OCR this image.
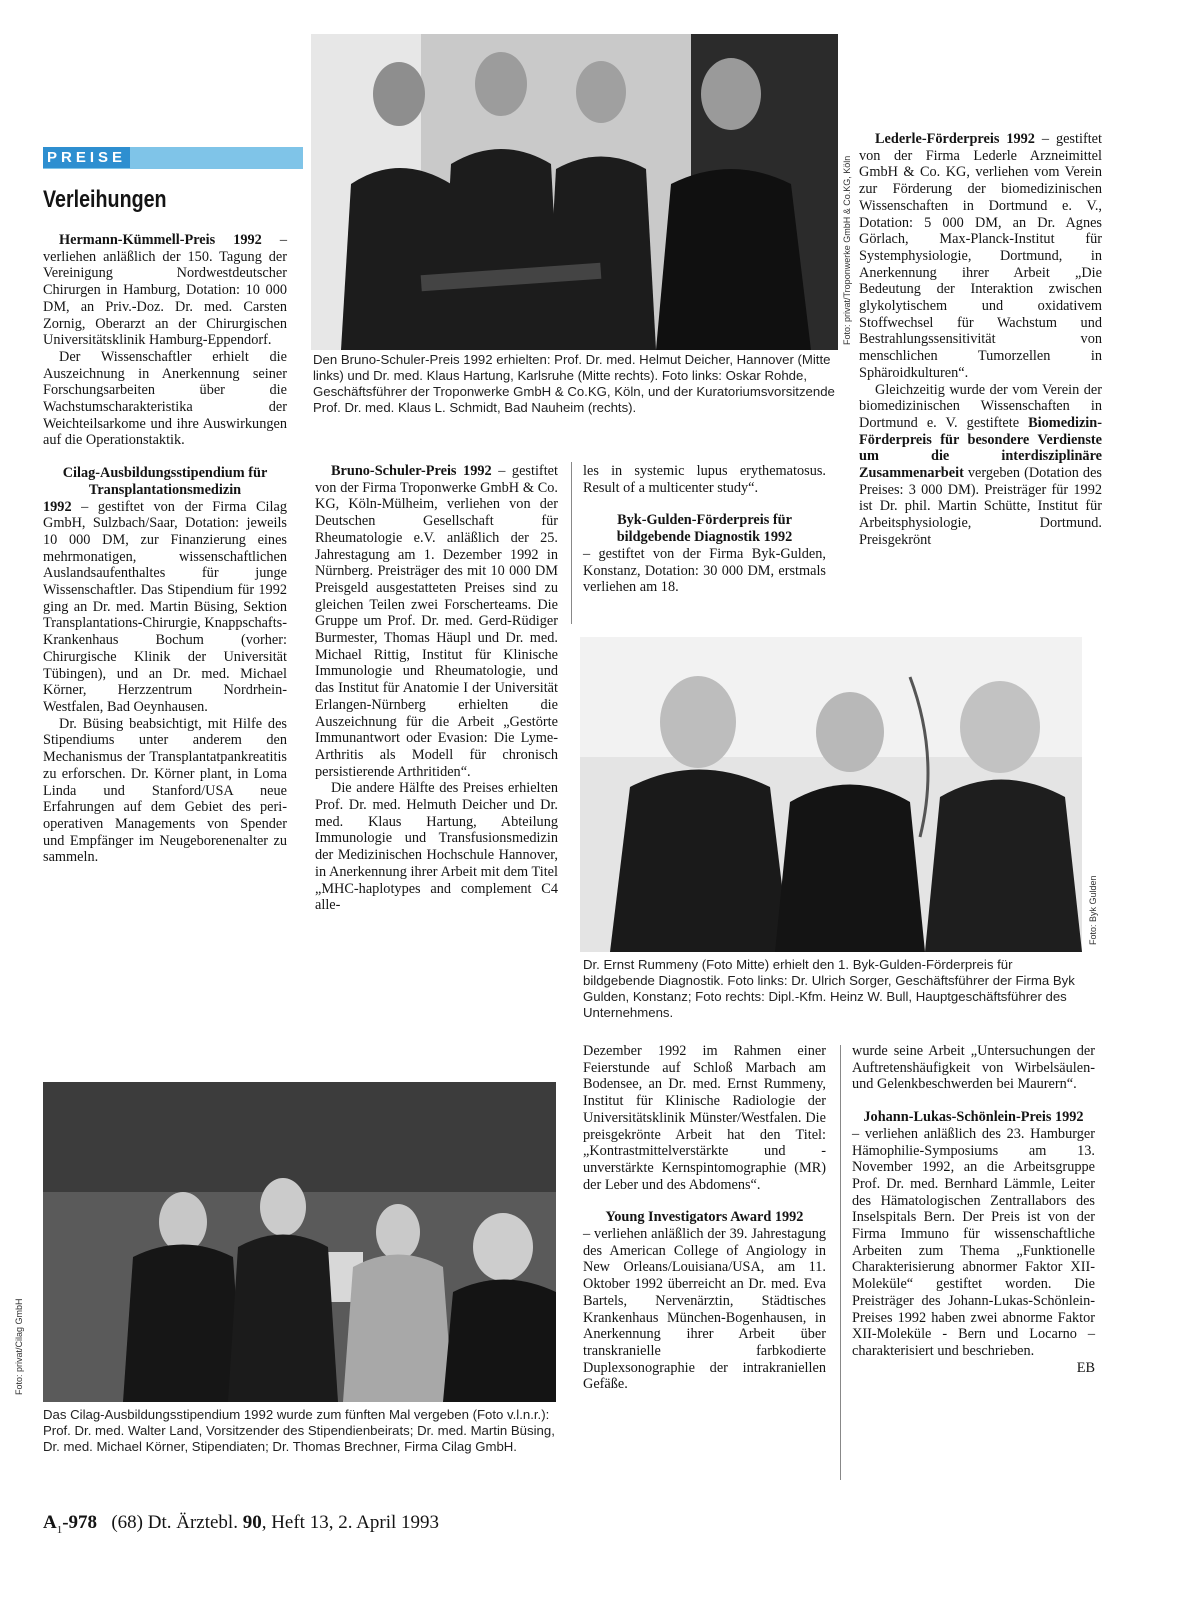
PREISE
Verleihungen

Hermann-Kümmell-Preis 1992 – verliehen anläßlich der 150. Tagung der Vereinigung Nordwestdeutscher Chirurgen in Hamburg, Dotation: 10 000 DM, an Priv.-Doz. Dr. med. Carsten Zornig, Oberarzt an der Chirurgischen Universitätsklinik Hamburg-Eppendorf.

Der Wissenschaftler erhielt die Auszeichnung in Anerkennung seiner Forschungsarbeiten über die Wachstumscharakteristika der Weichteilsarkome und ihre Auswirkungen auf die Operationstaktik.

Cilag-Ausbildungsstipendium für Transplantationsmedizin
1992 – gestiftet von der Firma Cilag GmbH, Sulzbach/Saar, Dotation: jeweils 10 000 DM, zur Finanzierung eines mehrmonatigen, wissenschaftlichen Auslandsaufenthaltes für junge Wissenschaftler. Das Stipendium für 1992 ging an Dr. med. Martin Büsing, Sektion Transplantations-Chirurgie, Knappschafts-Krankenhaus Bochum (vorher: Chirurgische Klinik der Universität Tübingen), und an Dr. med. Michael Körner, Herzzentrum Nordrhein-Westfalen, Bad Oeynhausen.

Dr. Büsing beabsichtigt, mit Hilfe des Stipendiums unter anderem den Mechanismus der Transplantatpankreatitis zu erforschen. Dr. Körner plant, in Loma Linda und Stanford/USA neue Erfahrungen auf dem Gebiet des peri-operativen Managements von Spender und Empfänger im Neugeborenenalter zu sammeln.

Foto: privat/Troponwerke GmbH & Co.KG, Köln
Den Bruno-Schuler-Preis 1992 erhielten: Prof. Dr. med. Helmut Deicher, Hannover (Mitte links) und Dr. med. Klaus Hartung, Karlsruhe (Mitte rechts). Foto links: Oskar Rohde, Geschäftsführer der Troponwerke GmbH & Co.KG, Köln, und der Kuratoriumsvorsitzende Prof. Dr. med. Klaus L. Schmidt, Bad Nauheim (rechts).

Bruno-Schuler-Preis 1992 – gestiftet von der Firma Troponwerke GmbH & Co. KG, Köln-Mülheim, verliehen von der Deutschen Gesellschaft für Rheumatologie e.V. anläßlich der 25. Jahrestagung am 1. Dezember 1992 in Nürnberg. Preisträger des mit 10 000 DM Preisgeld ausgestatteten Preises sind zu gleichen Teilen zwei Forscherteams. Die Gruppe um Prof. Dr. med. Gerd-Rüdiger Burmester, Thomas Häupl und Dr. med. Michael Rittig, Institut für Klinische Immunologie und Rheumatologie, und das Institut für Anatomie I der Universität Erlangen-Nürnberg erhielten die Auszeichnung für die Arbeit „Gestörte Immunantwort oder Evasion: Die Lyme-Arthritis als Modell für chronisch persistierende Arthritiden“.

Die andere Hälfte des Preises erhielten Prof. Dr. med. Helmuth Deicher und Dr. med. Klaus Hartung, Abteilung Immunologie und Transfusionsmedizin der Medizinischen Hochschule Hannover, in Anerkennung ihrer Arbeit mit dem Titel „MHC-haplotypes and complement C4 alle-

les in systemic lupus erythematosus. Result of a multicenter study“.

Byk-Gulden-Förderpreis für bildgebende Diagnostik 1992
– gestiftet von der Firma Byk-Gulden, Konstanz, Dotation: 30 000 DM, erstmals verliehen am 18.

Lederle-Förderpreis 1992 – gestiftet von der Firma Lederle Arzneimittel GmbH & Co. KG, verliehen vom Verein zur Förderung der biomedizinischen Wissenschaften in Dortmund e. V., Dotation: 5 000 DM, an Dr. Agnes Görlach, Max-Planck-Institut für Systemphysiologie, Dortmund, in Anerkennung ihrer Arbeit „Die Bedeutung der Interaktion zwischen glykolytischem und oxidativem Stoffwechsel für Wachstum und Bestrahlungssensitivität von menschlichen Tumorzellen in Sphäroidkulturen“.

Gleichzeitig wurde der vom Verein der biomedizinischen Wissenschaften in Dortmund e. V. gestiftete Biomedizin-Förderpreis für besondere Verdienste um die interdisziplinäre Zusammenarbeit vergeben (Dotation des Preises: 3 000 DM). Preisträger für 1992 ist Dr. phil. Martin Schütte, Institut für Arbeitsphysiologie, Dortmund. Preisgekrönt

Foto: Byk Gulden
Dr. Ernst Rummeny (Foto Mitte) erhielt den 1. Byk-Gulden-Förderpreis für bildgebende Diagnostik. Foto links: Dr. Ulrich Sorger, Geschäftsführer der Firma Byk Gulden, Konstanz; Foto rechts: Dipl.-Kfm. Heinz W. Bull, Hauptgeschäftsführer des Unternehmens.
Foto: privat/Cilag GmbH
Das Cilag-Ausbildungsstipendium 1992 wurde zum fünften Mal vergeben (Foto v.l.n.r.): Prof. Dr. med. Walter Land, Vorsitzender des Stipendienbeirats; Dr. med. Martin Büsing, Dr. med. Michael Körner, Stipendiaten; Dr. Thomas Brechner, Firma Cilag GmbH.

Dezember 1992 im Rahmen einer Feierstunde auf Schloß Marbach am Bodensee, an Dr. med. Ernst Rummeny, Institut für Klinische Radiologie der Universitätsklinik Münster/Westfalen. Die preisgekrönte Arbeit hat den Titel: „Kontrastmittelverstärkte und -unverstärkte Kernspintomographie (MR) der Leber und des Abdomens“.

Young Investigators Award 1992
– verliehen anläßlich der 39. Jahrestagung des American College of Angiology in New Orleans/Louisiana/USA, am 11. Oktober 1992 überreicht an Dr. med. Eva Bartels, Nervenärztin, Städtisches Krankenhaus München-Bogenhausen, in Anerkennung ihrer Arbeit über transkranielle farbkodierte Duplexsonographie der intrakraniellen Gefäße.

wurde seine Arbeit „Untersuchungen der Auftretenshäufigkeit von Wirbelsäulen- und Gelenkbeschwerden bei Maurern“.

Johann-Lukas-Schönlein-Preis 1992
– verliehen anläßlich des 23. Hamburger Hämophilie-Symposiums am 13. November 1992, an die Arbeitsgruppe Prof. Dr. med. Bernhard Lämmle, Leiter des Hämatologischen Zentrallabors des Inselspitals Bern. Der Preis ist von der Firma Immuno für wissenschaftliche Arbeiten zum Thema „Funktionelle Charakterisierung abnormer Faktor XII-Moleküle“ gestiftet worden. Die Preisträger des Johann-Lukas-Schönlein-Preises 1992 haben zwei abnorme Faktor XII-Moleküle - Bern und Locarno – charakterisiert und beschrieben.

EB

$A_1-978$ (68) Dt. Ärztebl. 90, Heft 13, 2. April 1993
